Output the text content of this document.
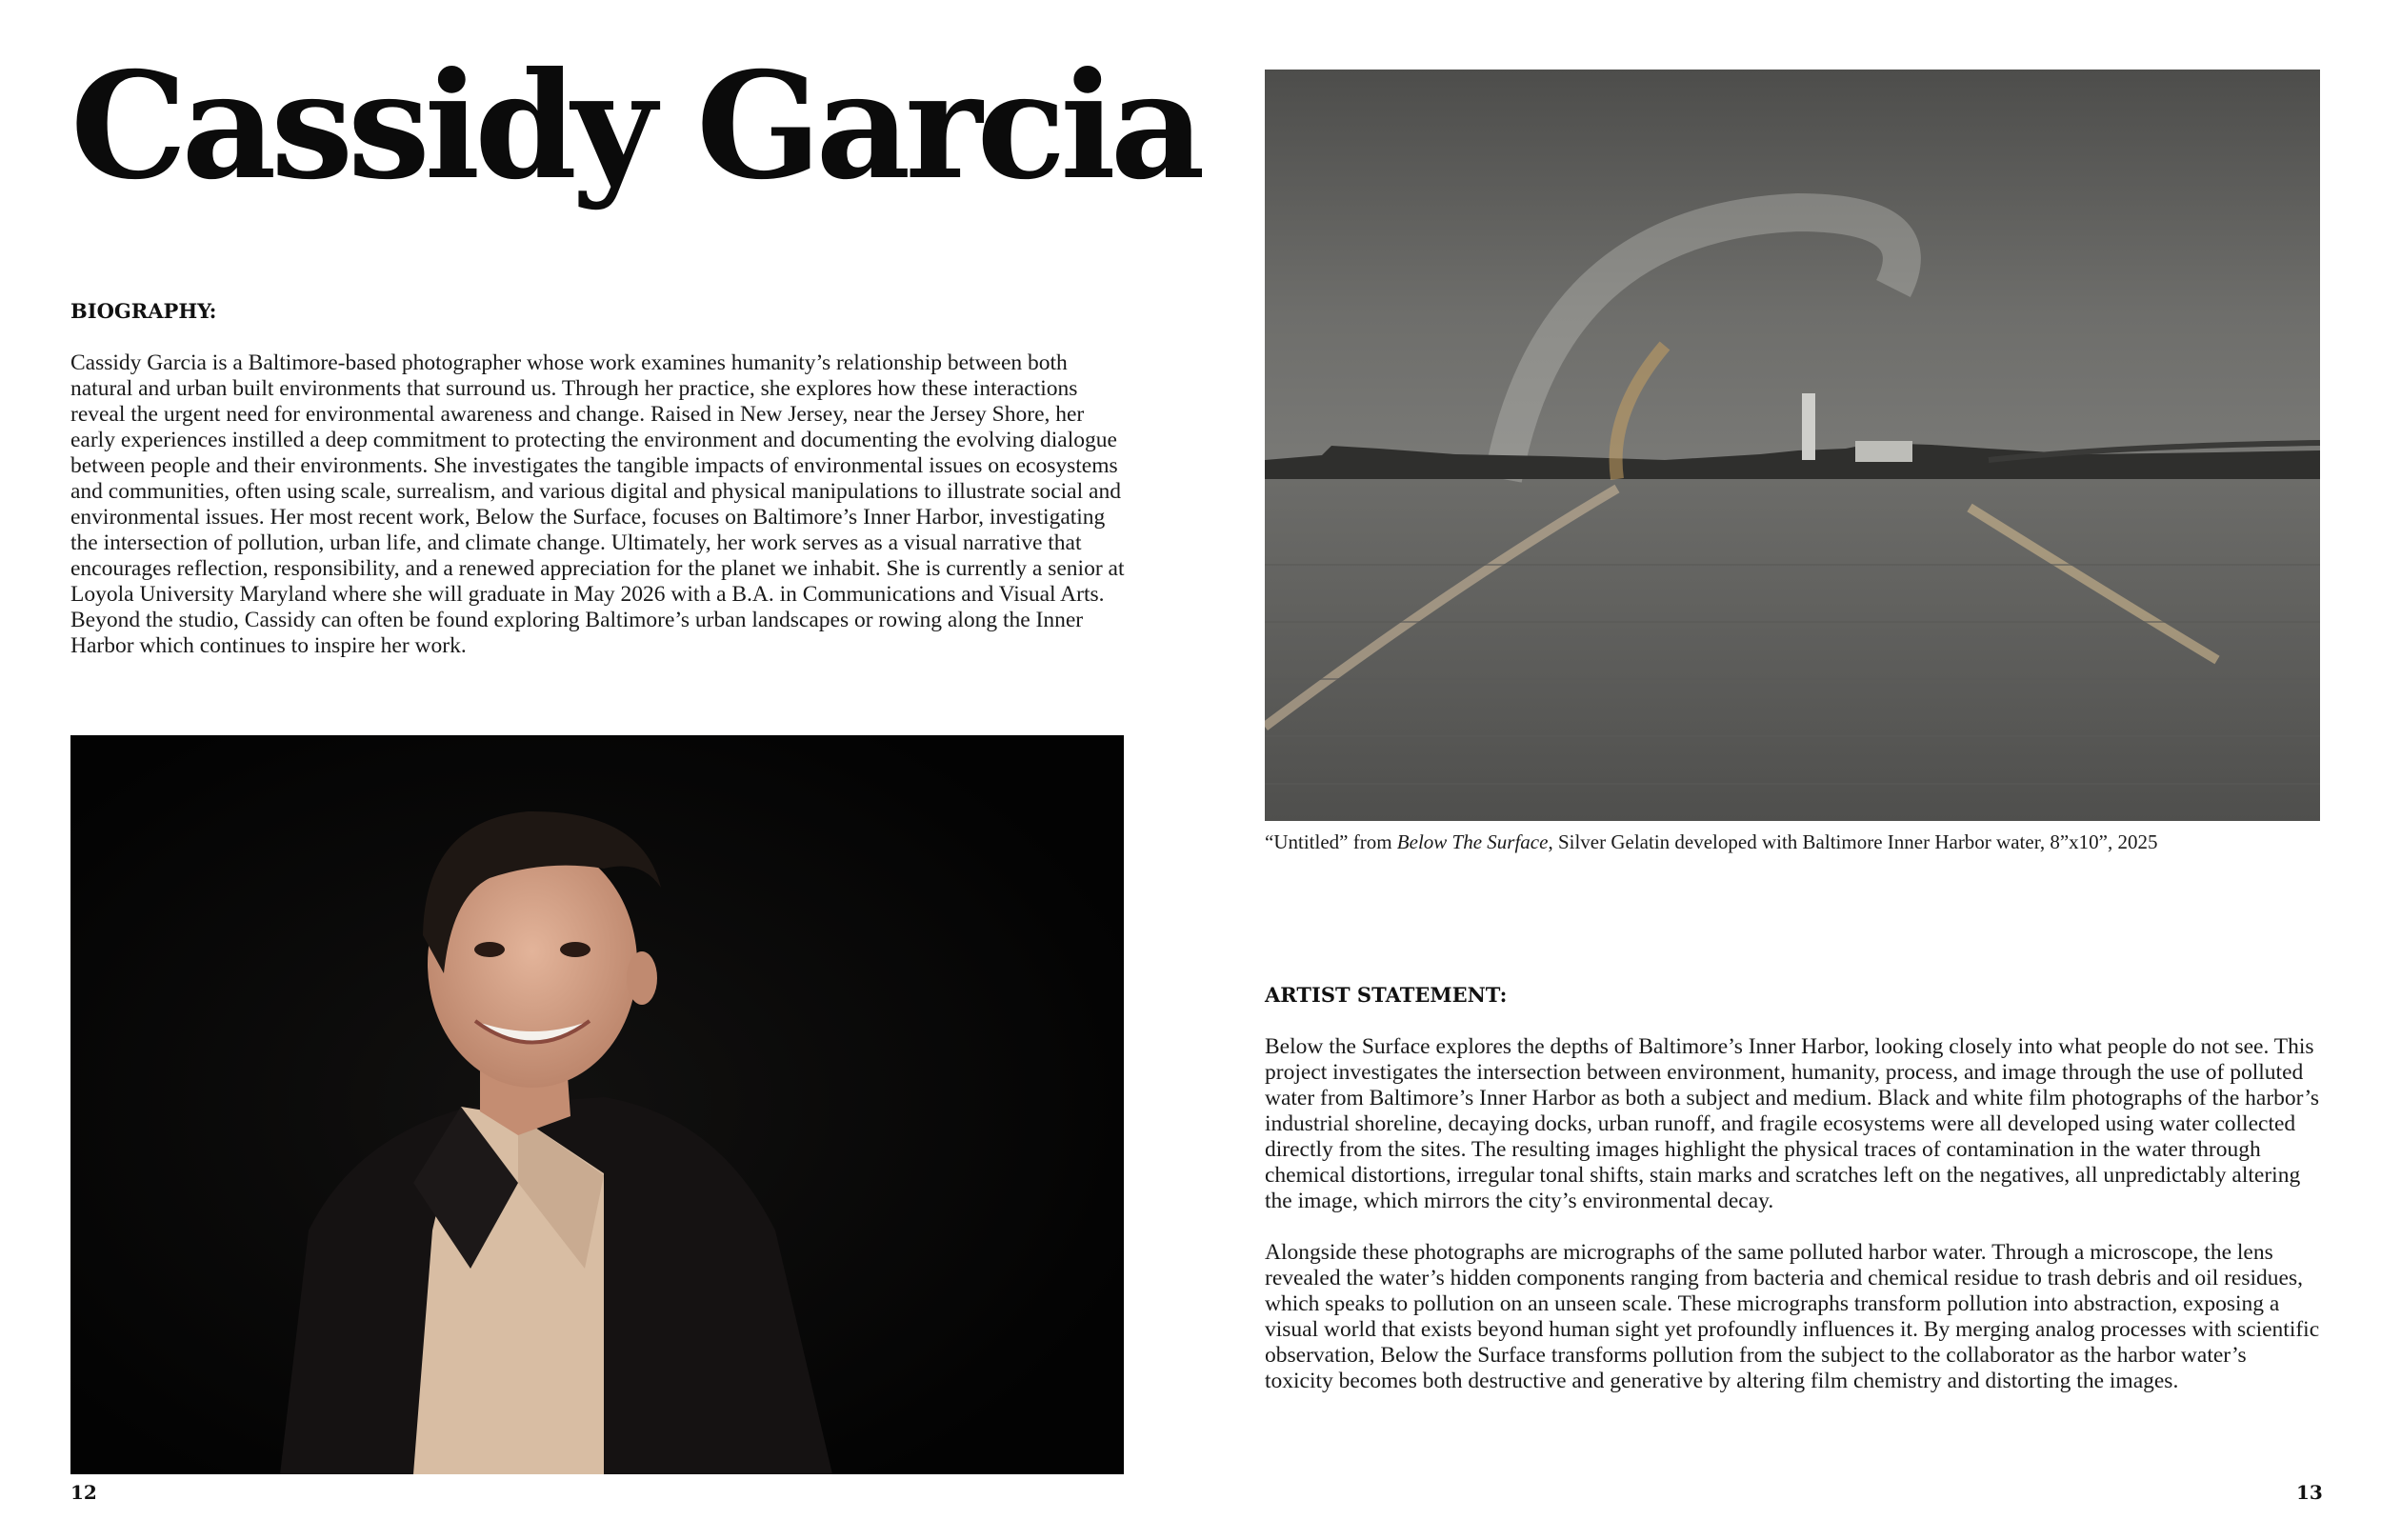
Cassidy Garcia
BIOGRAPHY:

Cassidy Garcia is a Baltimore-based photographer whose work examines humanity’s relationship between both natural and urban built environments that surround us. Through her practice, she explores how these interactions reveal the urgent need for environmental awareness and change. Raised in New Jersey, near the Jersey Shore, her early experiences instilled a deep commitment to protecting the environment and documenting the evolving dialogue between people and their environments. She investigates the tangible impacts of environmental issues on ecosystems and communities, often using scale, surrealism, and various digital and physical manipulations to illustrate social and environmental issues. Her most recent work, Below the Surface, focuses on Baltimore’s Inner Harbor, investigating the intersection of pollution, urban life, and climate change. Ultimately, her work serves as a visual narrative that encourages reflection, responsibility, and a renewed appreciation for the planet we inhabit. She is currently a senior at Loyola University Maryland where she will graduate in May 2026 with a B.A. in Communications and Visual Arts. Beyond the studio, Cassidy can often be found exploring Baltimore’s urban landscapes or rowing along the Inner Harbor which continues to inspire her work.

“Untitled” from Below The Surface, Silver Gelatin developed with Baltimore Inner Harbor water, 8”x10”, 2025

ARTIST STATEMENT:

Below the Surface explores the depths of Baltimore’s Inner Harbor, looking closely into what people do not see. This project investigates the intersection between environment, humanity, process, and image through the use of polluted water from Baltimore’s Inner Harbor as both a subject and medium. Black and white film photographs of the harbor’s industrial shoreline, decaying docks, urban runoff, and fragile ecosystems were all developed using water collected directly from the sites. The resulting images highlight the physical traces of contamination in the water through chemical distortions, irregular tonal shifts, stain marks and scratches left on the negatives, all unpredictably altering the image, which mirrors the city’s environmental decay.

Alongside these photographs are micrographs of the same polluted harbor water. Through a microscope, the lens revealed the water’s hidden components ranging from bacteria and chemical residue to trash debris and oil residues, which speaks to pollution on an unseen scale. These micrographs transform pollution into abstraction, exposing a visual world that exists beyond human sight yet profoundly influences it. By merging analog processes with scientific observation, Below the Surface transforms pollution from the subject to the collaborator as the harbor water’s toxicity becomes both destructive and generative by altering film chemistry and distorting the images.

12	13
